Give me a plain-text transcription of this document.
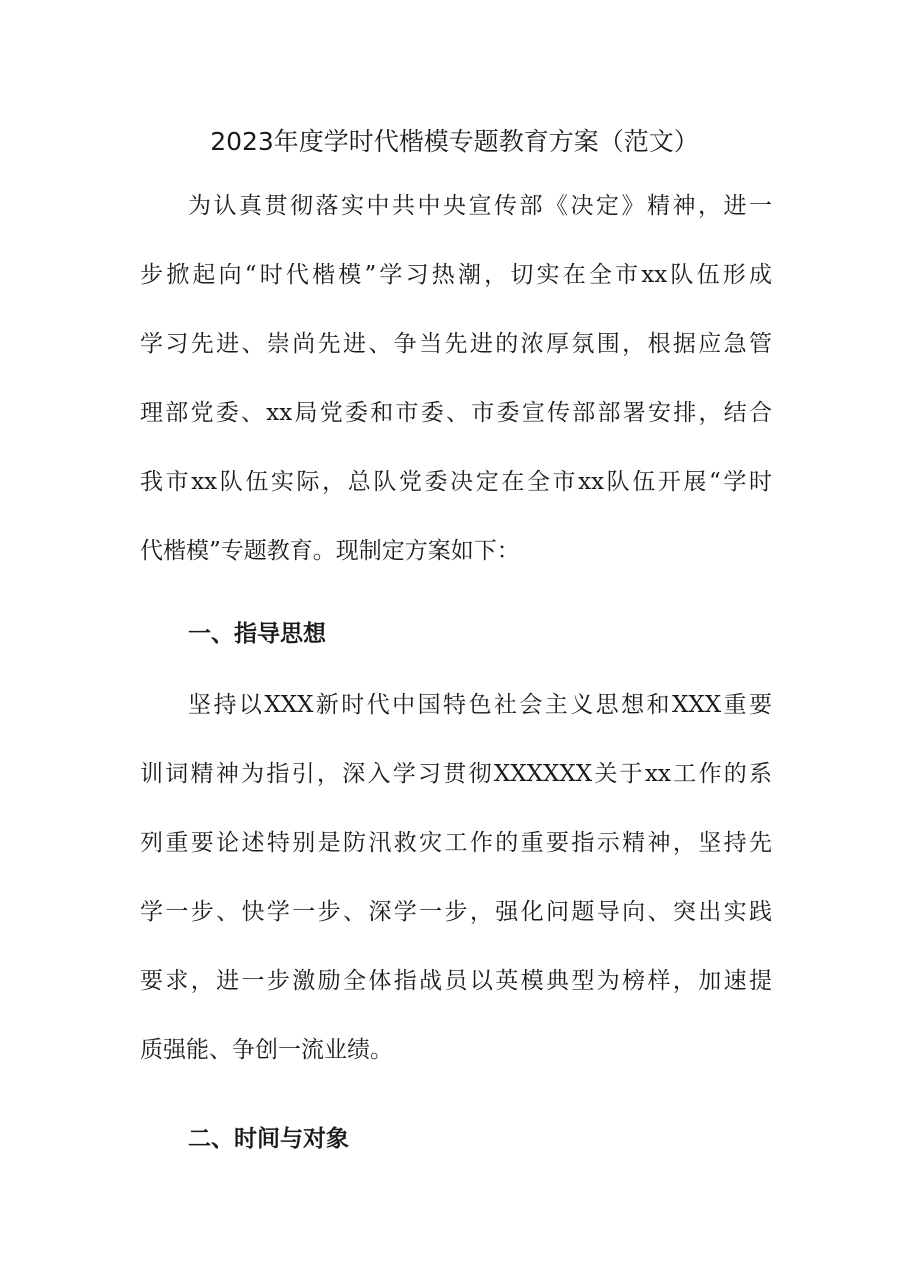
2023年度学时代楷模专题教育方案（范文）
为认真贯彻落实中共中央宣传部《决定》精神，进一
步掀起向“时代楷模”学习热潮，切实在全市xx队伍形成
学习先进、崇尚先进、争当先进的浓厚氛围，根据应急管
理部党委、xx局党委和市委、市委宣传部部署安排，结合
我市xx队伍实际，总队党委决定在全市xx队伍开展“学时
代楷模”专题教育。现制定方案如下：
一、指导思想
坚持以XXX新时代中国特色社会主义思想和XXX重要
训词精神为指引，深入学习贯彻XXXXXX关于xx工作的系
列重要论述特别是防汛救灾工作的重要指示精神，坚持先
学一步、快学一步、深学一步，强化问题导向、突出实践
要求，进一步激励全体指战员以英模典型为榜样，加速提
质强能、争创一流业绩。
二、时间与对象
